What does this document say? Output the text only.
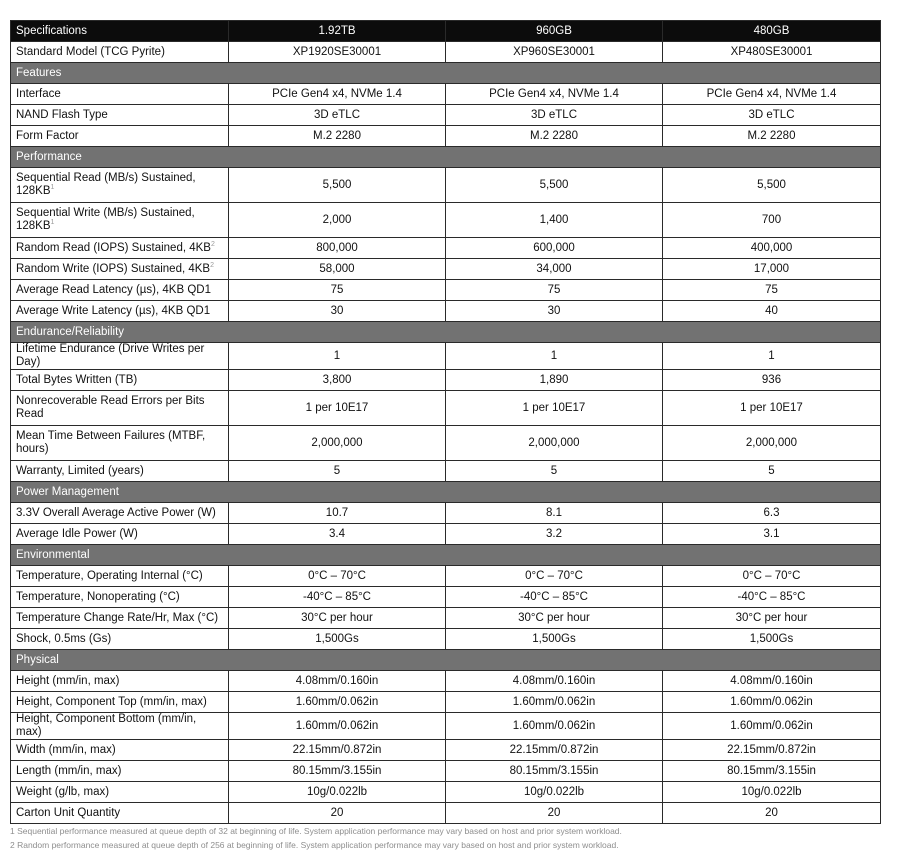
Specifications	1.92TB	960GB	480GB
Standard Model (TCG Pyrite)	XP1920SE30001	XP960SE30001	XP480SE30001
Features			
Interface	PCIe Gen4 x4, NVMe 1.4	PCIe Gen4 x4, NVMe 1.4	PCIe Gen4 x4, NVMe 1.4
NAND Flash Type	3D eTLC	3D eTLC	3D eTLC
Form Factor	M.2 2280	M.2 2280	M.2 2280
Performance			
Sequential Read (MB/s) Sustained, 128KB$^1$	5,500	5,500	5,500
Sequential Write (MB/s) Sustained, 128KB$^1$	2,000	1,400	700
Random Read (IOPS) Sustained, 4KB$^2$	800,000	600,000	400,000
Random Write (IOPS) Sustained, 4KB$^2$	58,000	34,000	17,000
Average Read Latency (µs), 4KB QD1	75	75	75
Average Write Latency (µs), 4KB QD1	30	30	40
Endurance/Reliability			
Lifetime Endurance (Drive Writes per Day)	1	1	1
Total Bytes Written (TB)	3,800	1,890	936
Nonrecoverable Read Errors per Bits Read	1 per 10E17	1 per 10E17	1 per 10E17
Mean Time Between Failures (MTBF, hours)	2,000,000	2,000,000	2,000,000
Warranty, Limited (years)	5	5	5
Power Management			
3.3V Overall Average Active Power (W)	10.7	8.1	6.3
Average Idle Power (W)	3.4	3.2	3.1
Environmental			
Temperature, Operating Internal (°C)	0°C – 70°C	0°C – 70°C	0°C – 70°C
Temperature, Nonoperating (°C)	-40°C – 85°C	-40°C – 85°C	-40°C – 85°C
Temperature Change Rate/Hr, Max (°C)	30°C per hour	30°C per hour	30°C per hour
Shock, 0.5ms (Gs)	1,500Gs	1,500Gs	1,500Gs
Physical			
Height (mm/in, max)	4.08mm/0.160in	4.08mm/0.160in	4.08mm/0.160in
Height, Component Top (mm/in, max)	1.60mm/0.062in	1.60mm/0.062in	1.60mm/0.062in
Height, Component Bottom (mm/in, max)	1.60mm/0.062in	1.60mm/0.062in	1.60mm/0.062in
Width (mm/in, max)	22.15mm/0.872in	22.15mm/0.872in	22.15mm/0.872in
Length (mm/in, max)	80.15mm/3.155in	80.15mm/3.155in	80.15mm/3.155in
Weight (g/lb, max)	10g/0.022lb	10g/0.022lb	10g/0.022lb
Carton Unit Quantity	20	20	20
1 Sequential performance measured at queue depth of 32 at beginning of life. System application performance may vary based on host and prior system workload.
2 Random performance measured at queue depth of 256 at beginning of life. System application performance may vary based on host and prior system workload.
